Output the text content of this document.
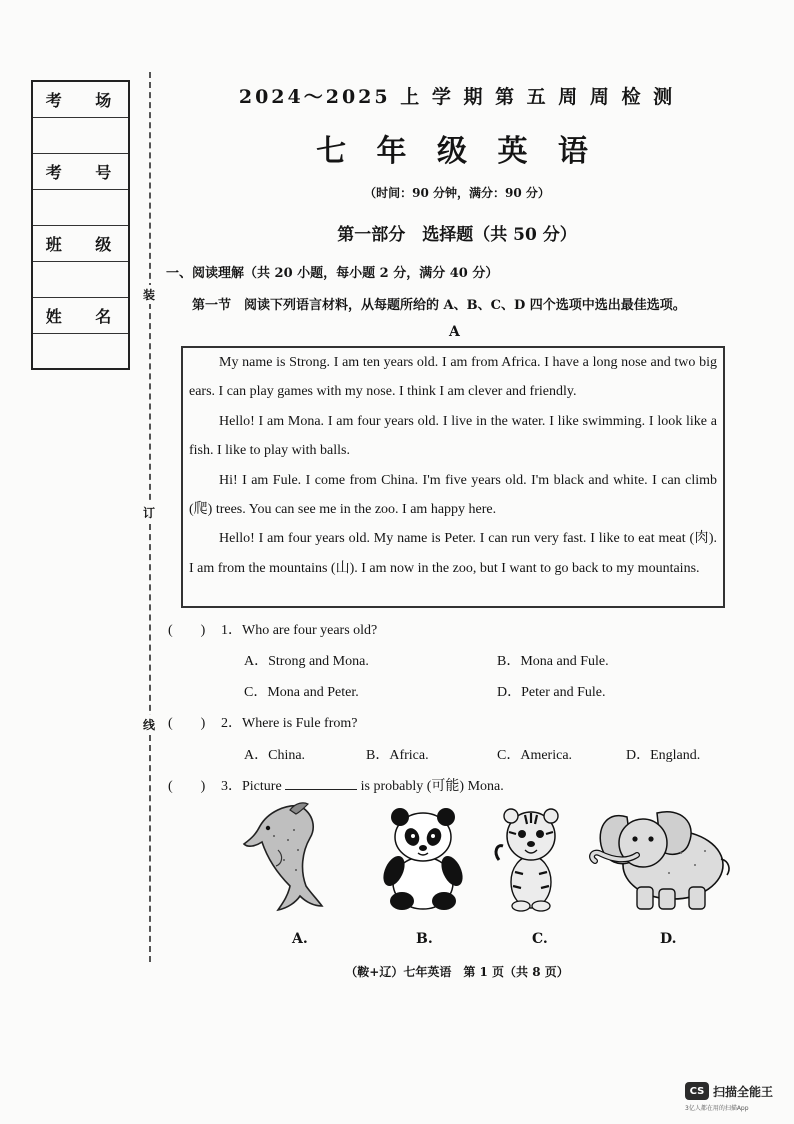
考 场
考 号
班 级
姓 名
装
订
线
2024～2025 上 学 期 第 五 周 周 检 测
七 年 级 英 语
（时间：90 分钟，满分：90 分）
第一部分　选择题（共 50 分）
一、阅读理解（共 20 小题，每小题 2 分，满分 40 分）
第一节　阅读下列语言材料，从每题所给的 A、B、C、D 四个选项中选出最佳选项。
A

My name is Strong. I am ten years old. I am from Africa. I have a long nose and two big ears. I can play games with my nose. I think I am clever and friendly.

Hello! I am Mona. I am four years old. I live in the water. I like swimming. I look like a fish. I like to play with balls.

Hi! I am Fule. I come from China. I'm five years old. I'm black and white. I can climb (爬) trees. You can see me in the zoo. I am happy here.

Hello! I am four years old. My name is Peter. I can run very fast. I like to eat meat (肉). I am from the mountains (山). I am now in the zoo, but I want to go back to my mountains.

(　　) 1．Who are four years old?
A．Strong and Mona.	B．Mona and Fule.
C．Mona and Peter.	D．Peter and Fule.
(　　) 2．Where is Fule from?
A．China.	B．Africa.	C．America.	D．England.
(　　) 3．Picture	is probably (可能) Mona.
A.	B.	C.	D.
（鞍+辽）七年英语　第 1 页（共 8 页）
CS 扫描全能王
3亿人都在用的扫描App
